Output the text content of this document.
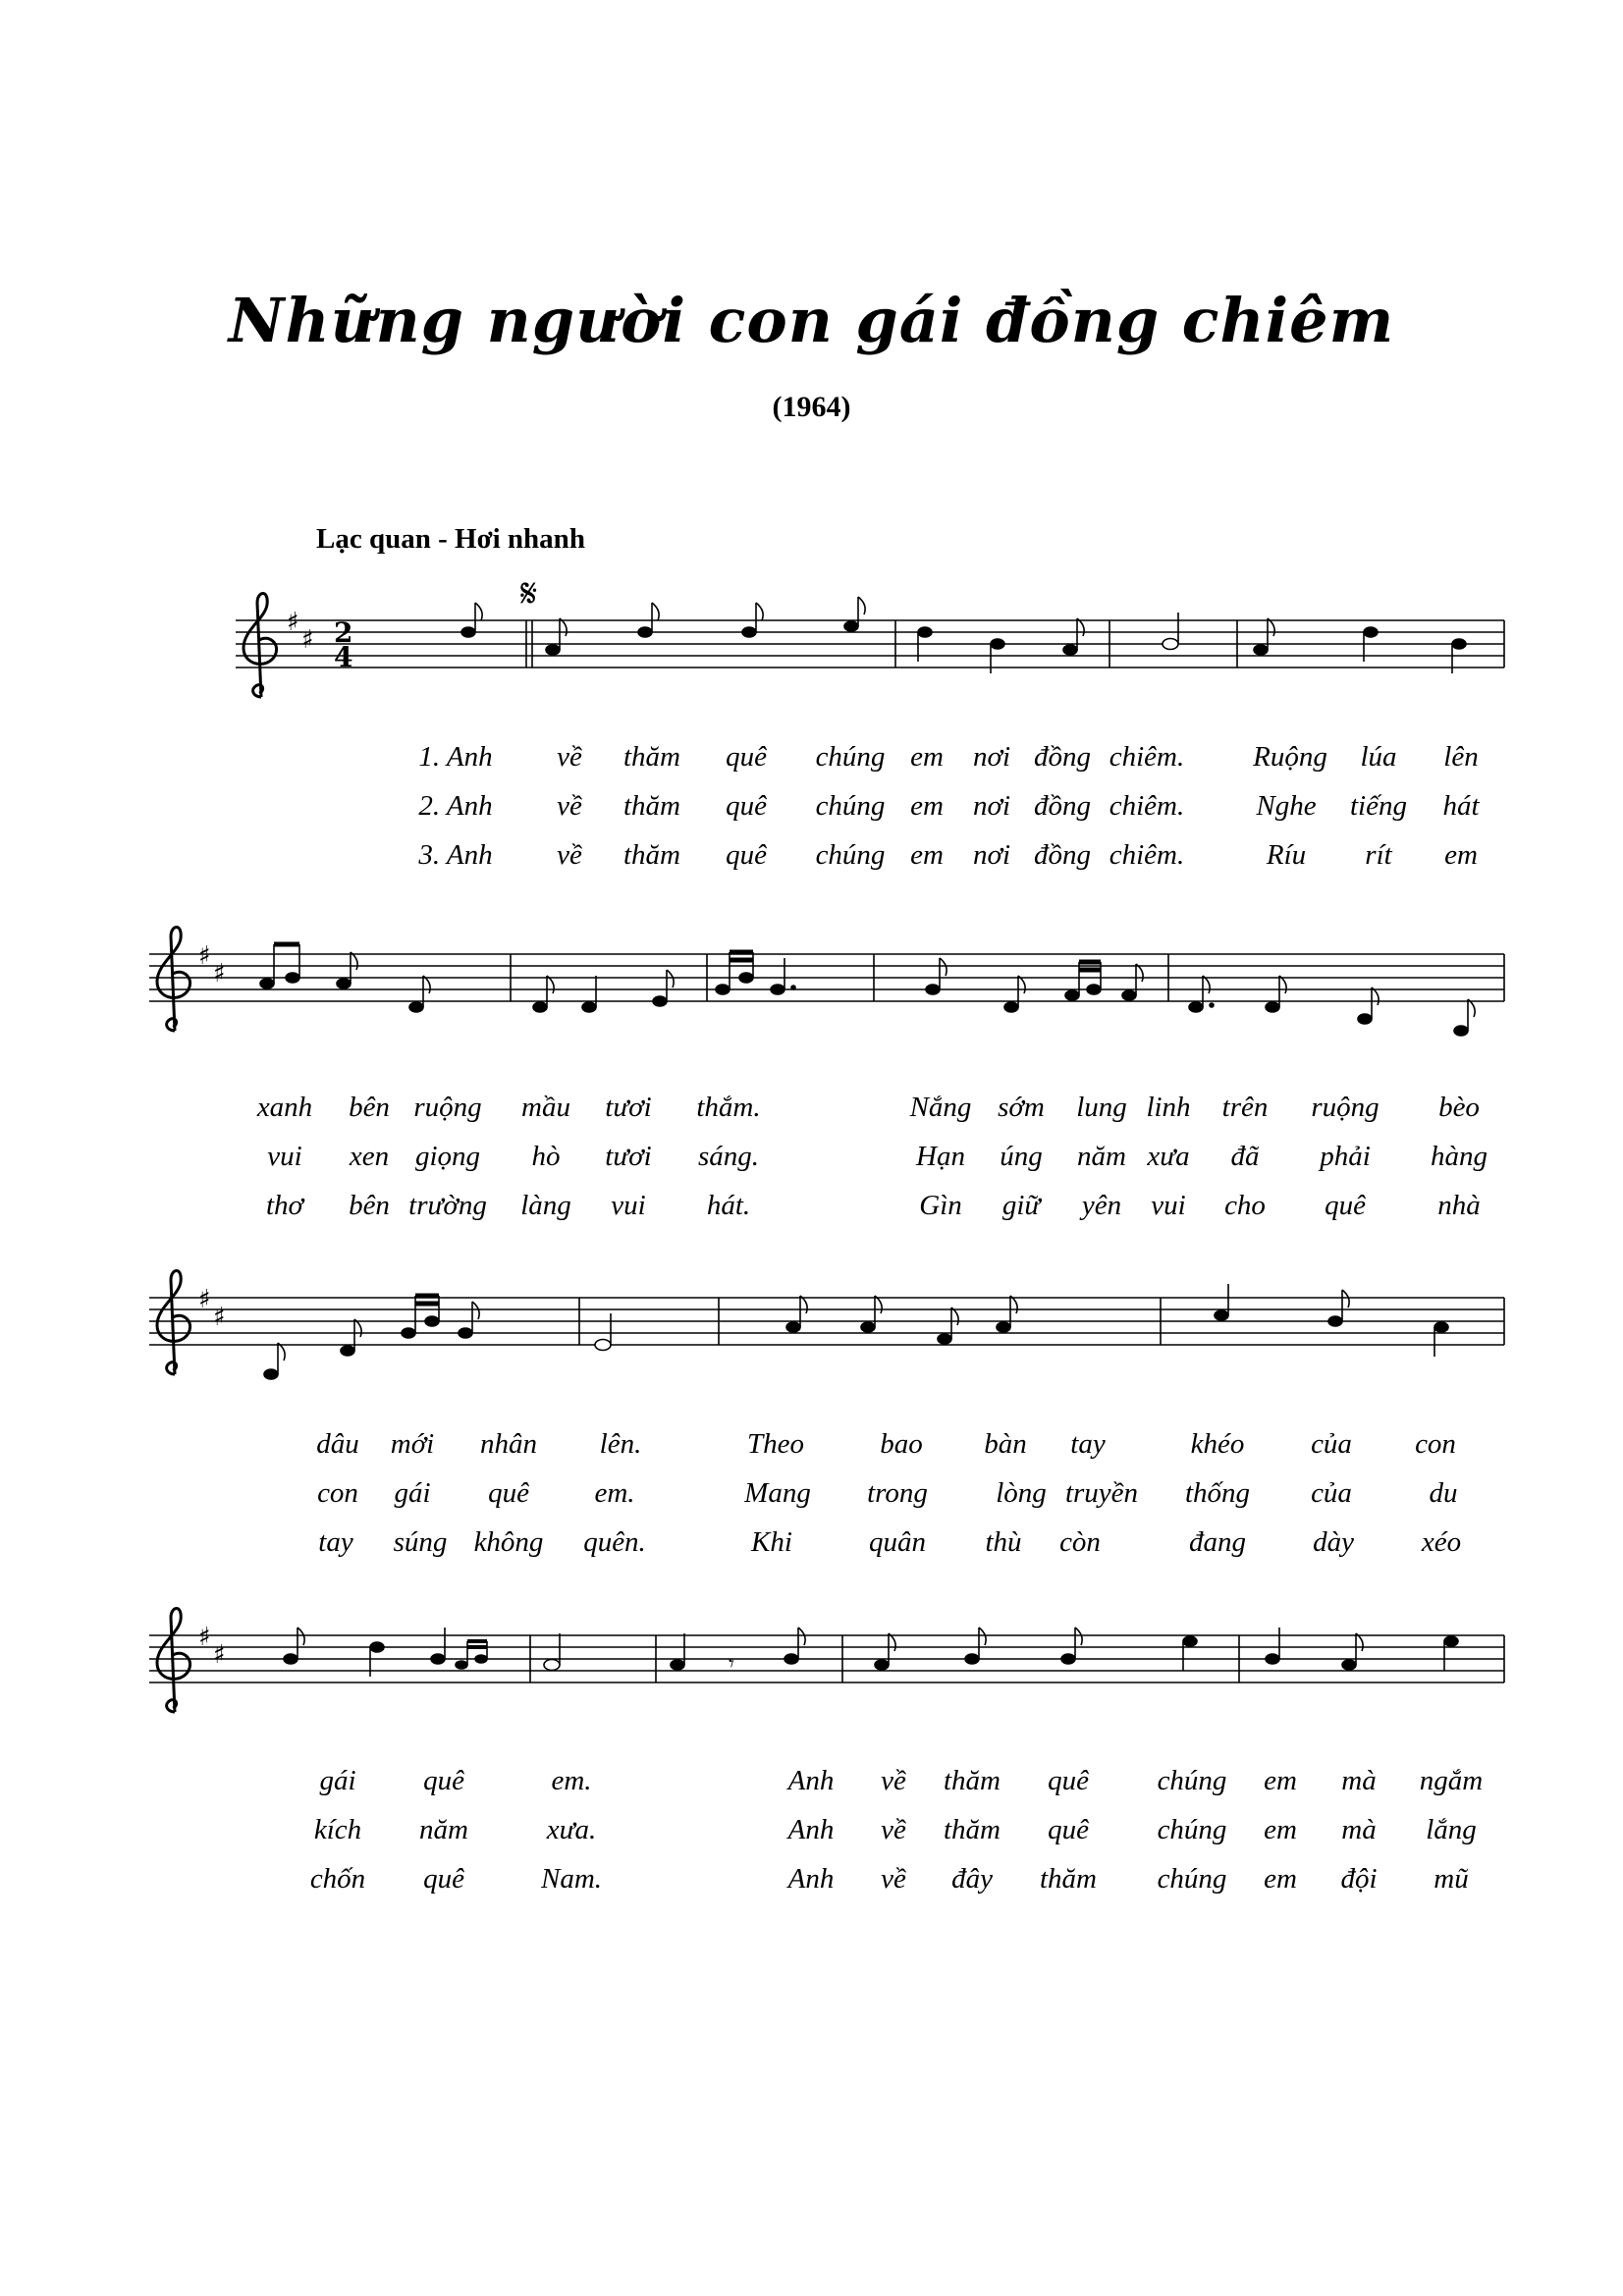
Những người con gái đồng chiêm
(1964)
Lạc quan - Hơi nhanh
♯
♯ 2
4
𝄋
1. Anh về thăm quê chúng em nơi đồng chiêm. Ruộng lúa lên
2. Anh về thăm quê chúng em nơi đồng chiêm.	Nghe tiếng hát
3. Anh về thăm quê chúng em nơi đồng chiêm.	Ríu rít em
♯
♯
xanh bên ruộng mầu tươi thắm.	Nắng sớm lung linh trên ruộng bèo
vui xen giọng hò tươi sáng.	Hạn úng năm xưa đã phải hàng
thơ bên trường làng vui hát.	Gìn giữ yên vui cho quê	nhà
♯
♯
dâu mới nhân lên.	Theo	bao bàn tay	khéo của con
con gái quê em.	Mang trong lòng truyền thống của	du
tay súng không quên.	Khi	quân thù còn	đang dày xéo
♯
♯	𝄾
gái quê	em.	Anh về thăm quê chúng em mà ngắm
kích năm	xưa.	Anh về thăm quê chúng em mà lắng
chốn quê	Nam.	Anh về đây thăm chúng em đội mũ
